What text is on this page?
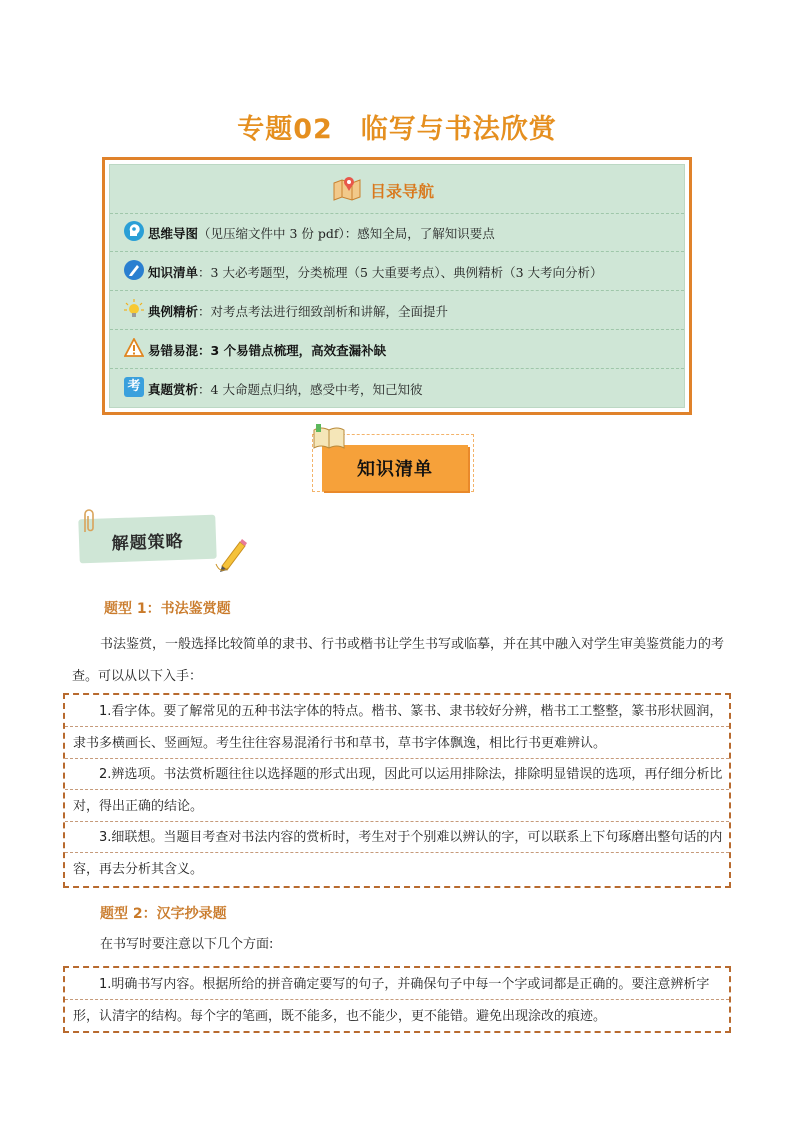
专题02　临写与书法欣赏
目录导航
思维导图（见压缩文件中 3 份 pdf）：感知全局，了解知识要点
知识清单：3 大必考题型，分类梳理（5 大重要考点）、典例精析（3 大考向分析）
典例精析：对考点考法进行细致剖析和讲解，全面提升
易错易混：3 个易错点梳理，高效查漏补缺
考 真题赏析：4 大命题点归纳，感受中考，知己知彼
知识清单
解题策略
题型 1：书法鉴赏题
书法鉴赏，一般选择比较简单的隶书、行书或楷书让学生书写或临摹，并在其中融入对学生审美鉴赏能力的考查。可以从以下入手：
1.看字体。要了解常见的五种书法字体的特点。楷书、篆书、隶书较好分辨，楷书工工整整，篆书形状圆润，隶书多横画长、竖画短。考生往往容易混淆行书和草书，草书字体飘逸，相比行书更难辨认。
2.辨选项。书法赏析题往往以选择题的形式出现，因此可以运用排除法，排除明显错误的选项，再仔细分析比对，得出正确的结论。
3.细联想。当题目考查对书法内容的赏析时，考生对于个别难以辨认的字，可以联系上下句琢磨出整句话的内容，再去分析其含义。
题型 2：汉字抄录题
在书写时要注意以下几个方面:
1.明确书写内容。根据所给的拼音确定要写的句子，并确保句子中每一个字或词都是正确的。要注意辨析字形，认清字的结构。每个字的笔画，既不能多，也不能少，更不能错。避免出现涂改的痕迹。
